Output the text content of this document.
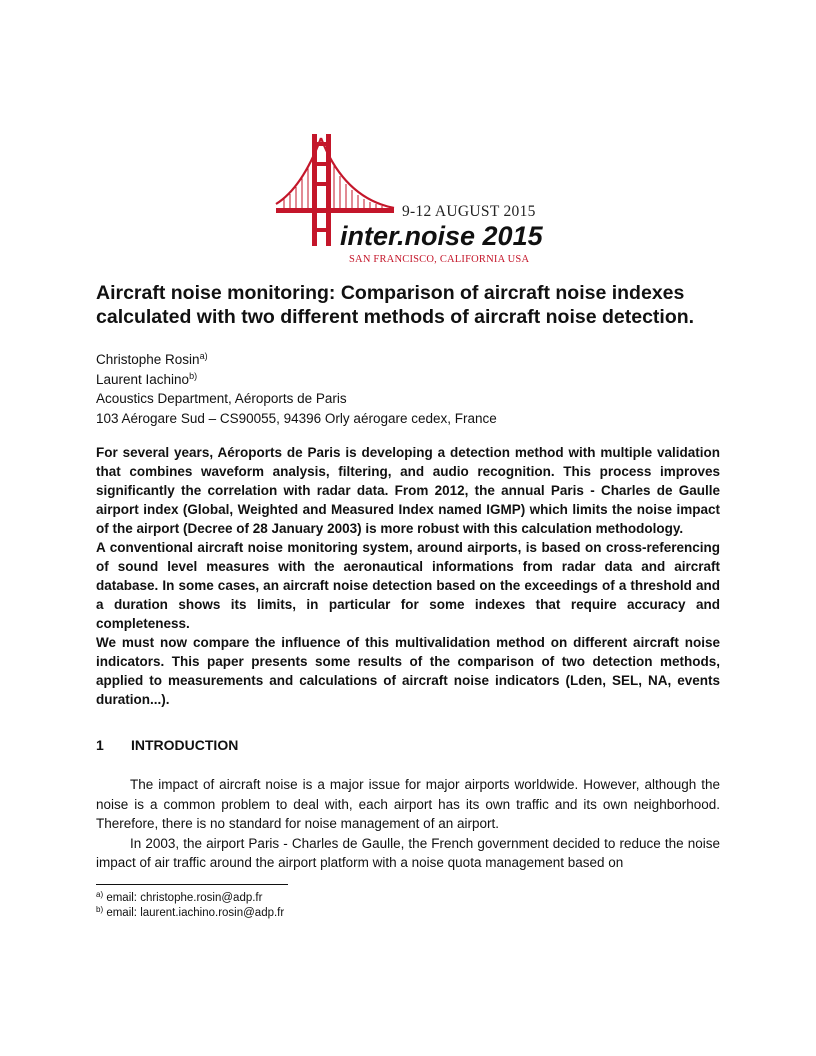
9-12 AUGUST 2015
inter.noise 2015
SAN FRANCISCO, CALIFORNIA USA
Aircraft noise monitoring: Comparison of aircraft noise indexes calculated with two different methods of aircraft noise detection.
Christophe Rosin$^{a)}$
Laurent Iachino$^{b)}$
Acoustics Department, Aéroports de Paris
103 Aérogare Sud – CS90055, 94396 Orly aérogare cedex, France

For several years, Aéroports de Paris is developing a detection method with multiple validation that combines waveform analysis, filtering, and audio recognition. This process improves significantly the correlation with radar data. From 2012, the annual Paris - Charles de Gaulle airport index (Global, Weighted and Measured Index named IGMP) which limits the noise impact of the airport (Decree of 28 January 2003) is more robust with this calculation methodology.

A conventional aircraft noise monitoring system, around airports, is based on cross-referencing of sound level measures with the aeronautical informations from radar data and aircraft database. In some cases, an aircraft noise detection based on the exceedings of a threshold and a duration shows its limits, in particular for some indexes that require accuracy and completeness.

We must now compare the influence of this multivalidation method on different aircraft noise indicators. This paper presents some results of the comparison of two detection methods, applied to measurements and calculations of aircraft noise indicators (Lden, SEL, NA, events duration...).

1 INTRODUCTION

The impact of aircraft noise is a major issue for major airports worldwide. However, although the noise is a common problem to deal with, each airport has its own traffic and its own neighborhood. Therefore, there is no standard for noise management of an airport.

In 2003, the airport Paris - Charles de Gaulle, the French government decided to reduce the noise impact of air traffic around the airport platform with a noise quota management based on

$^{a)}$ email: christophe.rosin@adp.fr
$^{b)}$ email: laurent.iachino.rosin@adp.fr
